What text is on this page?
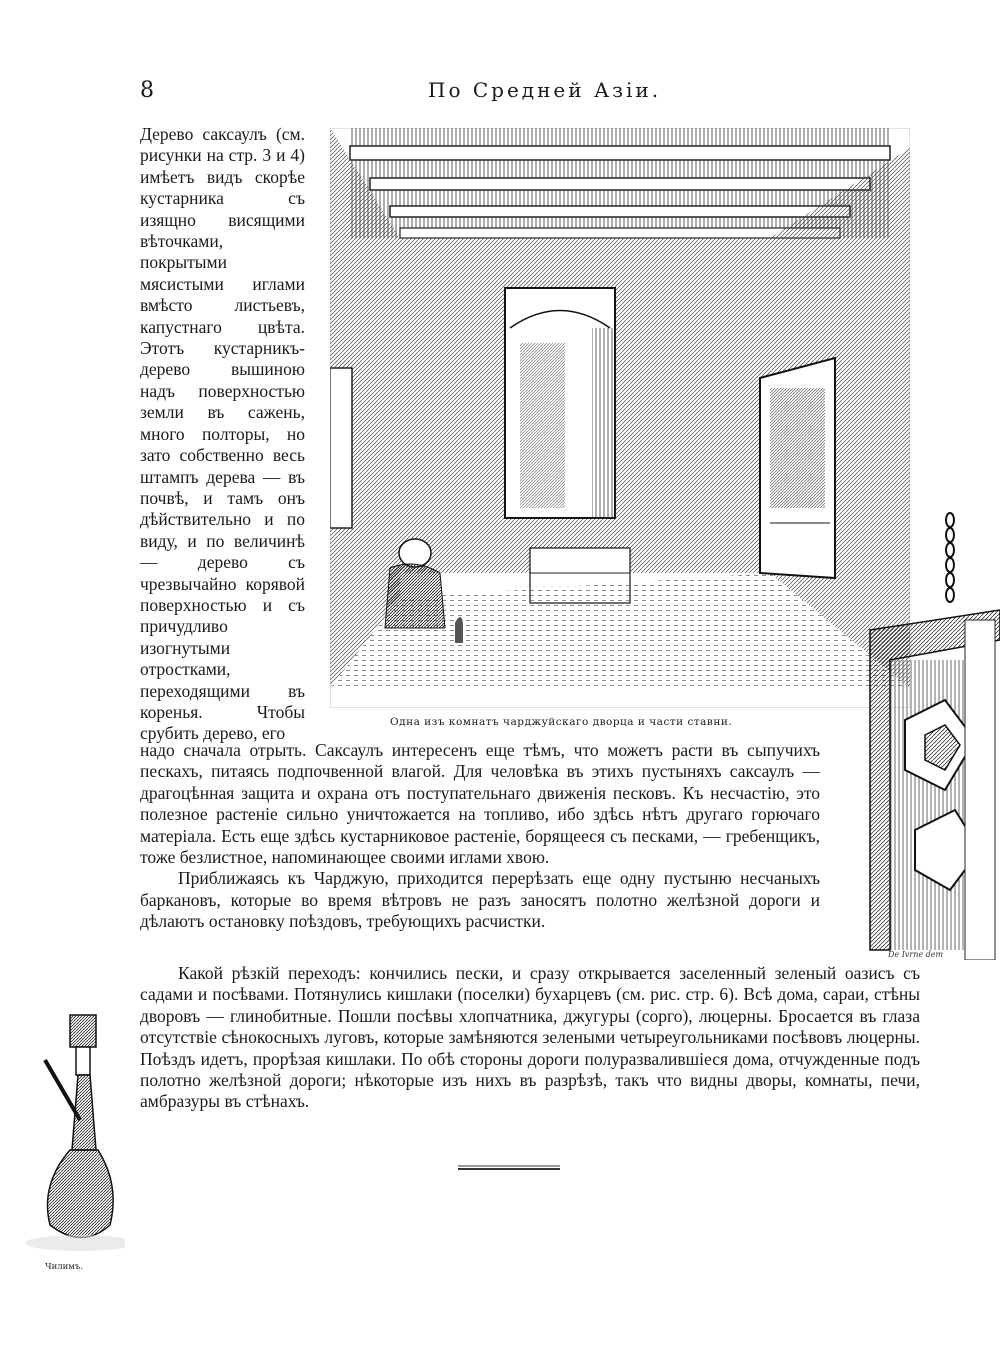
8	По Средней Азіи.

Дерево саксаулъ (см. рисунки на стр. 3 и 4) имѣетъ видъ скорѣе кустарника съ изящно висящими вѣточками, покрытыми мясистыми иглами вмѣсто листьевъ, капустнаго цвѣта. Этотъ кустарникъ-дерево вышиною надъ поверхностью земли въ сажень, много полторы, но зато собственно весь штампъ дерева — въ почвѣ, и тамъ онъ дѣйствительно и по виду, и по величинѣ — дерево съ чрезвычайно корявой поверхностью и съ причудливо изогнутыми отростками, переходящими въ коренья. Чтобы срубить дерево, его

Одна изъ комнатъ чарджуйскаго дворца и части ставни.
De Ivrne dem

надо сначала отрыть. Саксаулъ интересенъ еще тѣмъ, что можетъ расти въ сыпучихъ пескахъ, питаясь подпочвенной влагой. Для человѣка въ этихъ пустыняхъ саксаулъ — драгоцѣнная защита и охрана отъ поступательнаго движенія песковъ. Къ несчастію, это полезное растеніе сильно уничтожается на топливо, ибо здѣсь нѣтъ другаго горючаго матеріала. Есть еще здѣсь кустарниковое растеніе, борящееся съ песками, — гребенщикъ, тоже безлистное, напоминающее своими иглами хвою.

Приближаясь къ Чарджую, приходится перерѣзать еще одну пустыню несчаныхъ баркановъ, которые во время вѣтровъ не разъ заносятъ полотно желѣзной дороги и дѣлаютъ остановку поѣздовъ, требующихъ расчистки.

Какой рѣзкій переходъ: кончились пески, и сразу открывается заселенный зеленый оазисъ съ садами и посѣвами. Потянулись кишлаки (поселки) бухарцевъ (см. рис. стр. 6). Всѣ дома, сараи, стѣны дворовъ — глинобитные. Пошли посѣвы хлопчатника, джугуры (сорго), люцерны. Бросается въ глаза отсутствіе сѣнокосныхъ луговъ, которые замѣняются зелеными четыреугольниками посѣвовъ люцерны. Поѣздъ идетъ, прорѣзая кишлаки. По обѣ стороны дороги полуразвалившіеся дома, отчужденные подъ полотно желѣзной дороги; нѣкоторые изъ нихъ въ разрѣзѣ, такъ что видны дворы, комнаты, печи, амбразуры въ стѣнахъ.

Чилимъ.
